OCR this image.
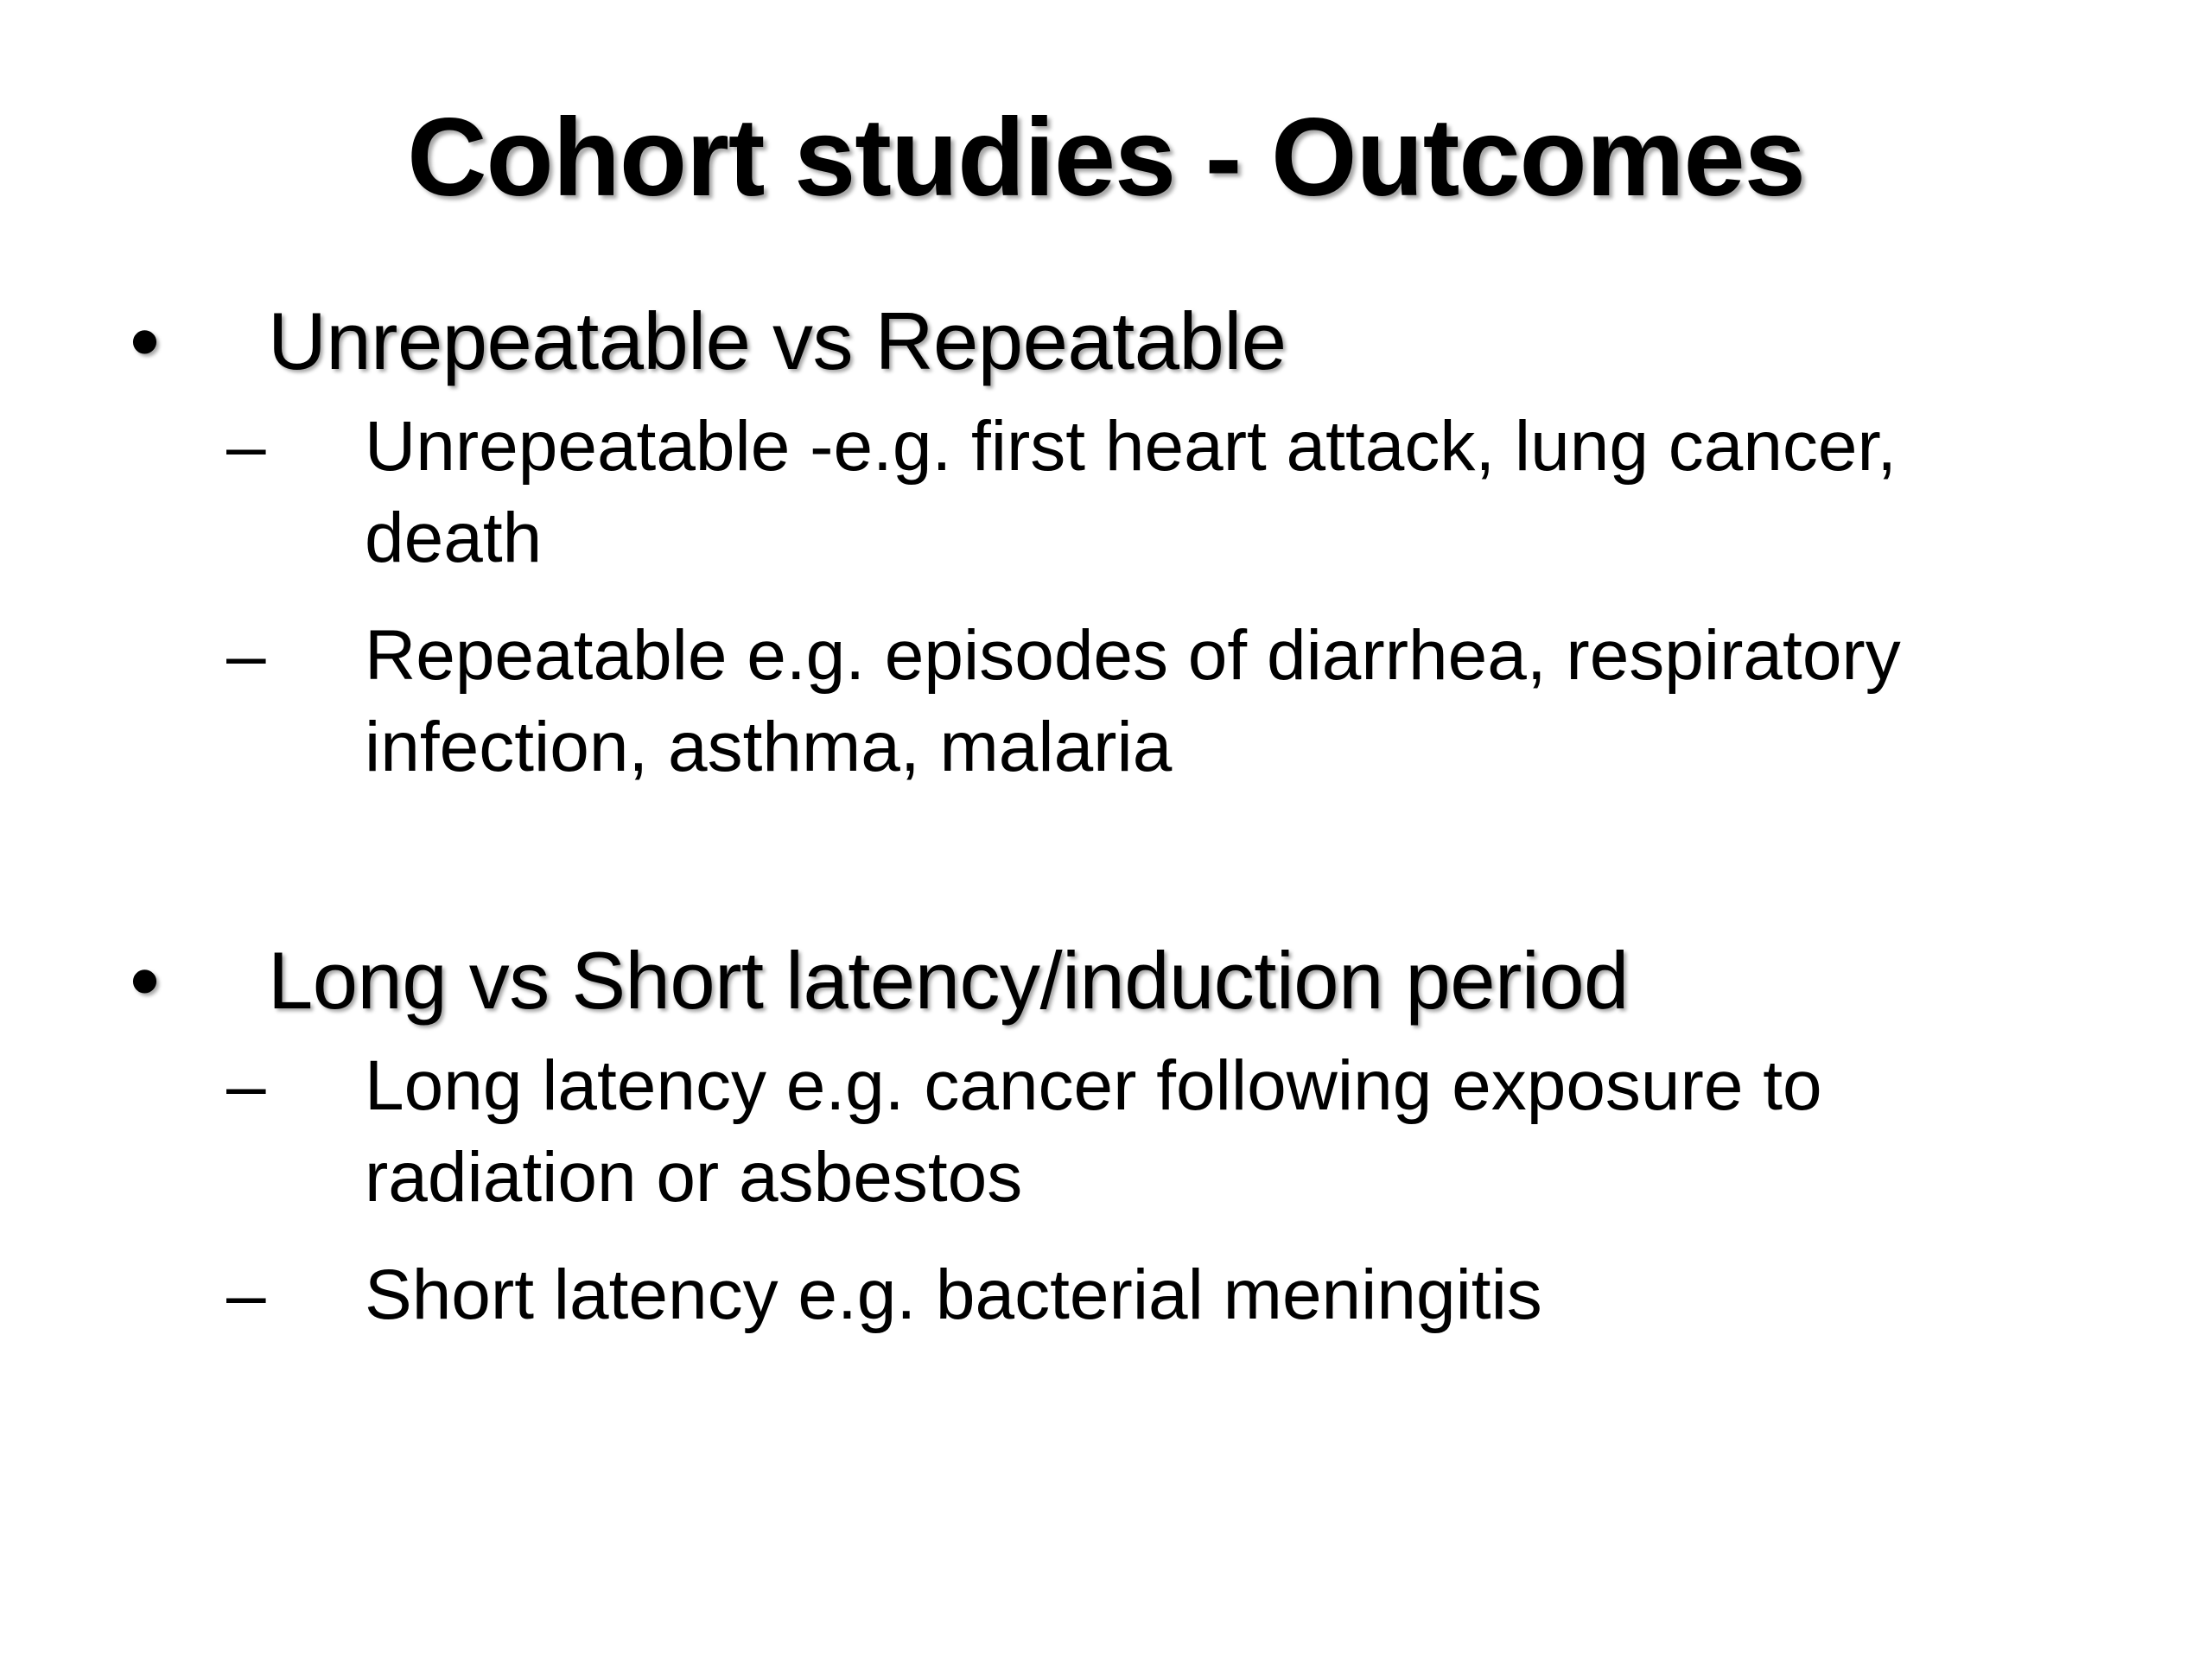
Cohort studies - Outcomes
• Unrepeatable vs Repeatable
– Unrepeatable -e.g. first heart attack, lung cancer, death
– Repeatable e.g. episodes of diarrhea, respiratory infection, asthma, malaria
• Long vs Short latency/induction period
– Long latency e.g. cancer following exposure to radiation or asbestos
– Short latency e.g. bacterial meningitis
